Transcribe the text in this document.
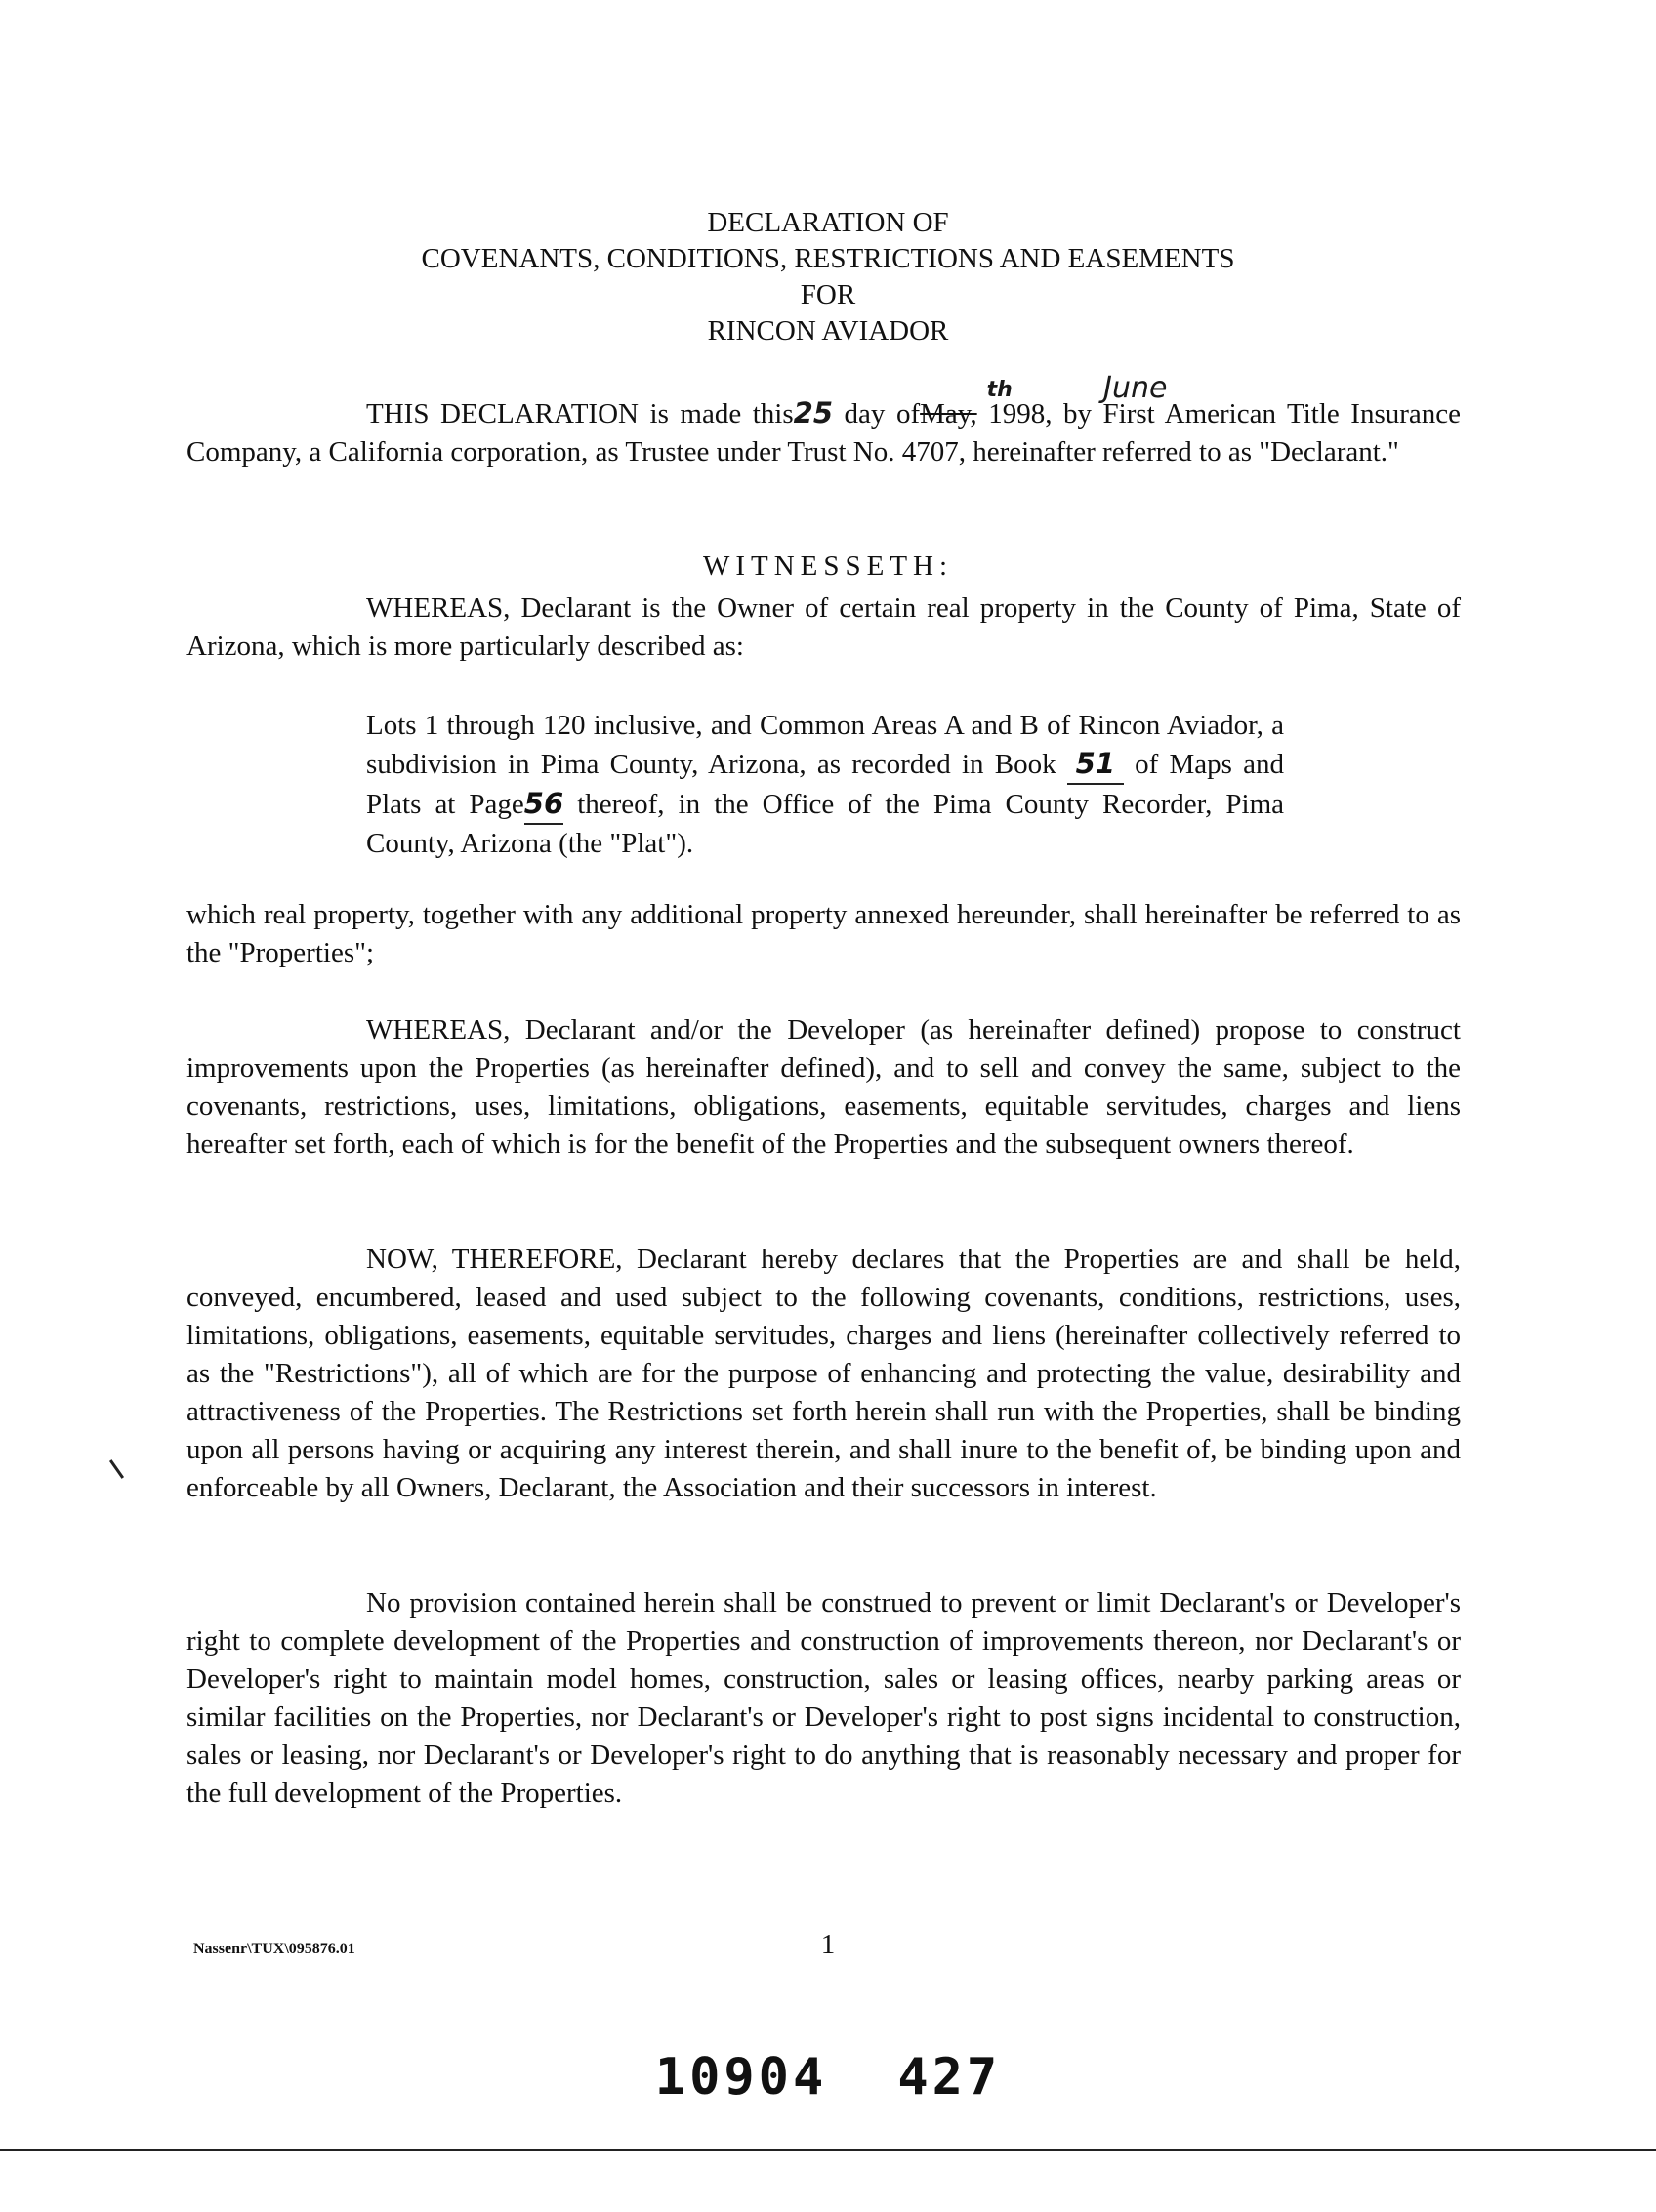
DECLARATION OF
COVENANTS, CONDITIONS, RESTRICTIONS AND EASEMENTS
FOR
RINCON AVIADOR
THIS DECLARATION is made this25
th
day ofMay,
June
1998, by First American Title Insurance Company, a California corporation, as Trustee under Trust No. 4707, hereinafter referred to as "Declarant."
WITNESSETH:
WHEREAS, Declarant is the Owner of certain real property in the County of Pima, State of Arizona, which is more particularly described as:
Lots 1 through 120 inclusive, and Common Areas A and B of Rincon Aviador, a subdivision in Pima County, Arizona, as recorded in Book 51 of Maps and Plats at Page56 thereof, in the Office of the Pima County Recorder, Pima County, Arizona (the "Plat").
which real property, together with any additional property annexed hereunder, shall hereinafter be referred to as the "Properties";
WHEREAS, Declarant and/or the Developer (as hereinafter defined) propose to construct improvements upon the Properties (as hereinafter defined), and to sell and convey the same, subject to the covenants, restrictions, uses, limitations, obligations, easements, equitable servitudes, charges and liens hereafter set forth, each of which is for the benefit of the Properties and the subsequent owners thereof.
NOW, THEREFORE, Declarant hereby declares that the Properties are and shall be held, conveyed, encumbered, leased and used subject to the following covenants, conditions, restrictions, uses, limitations, obligations, easements, equitable servitudes, charges and liens (hereinafter collectively referred to as the "Restrictions"), all of which are for the purpose of enhancing and protecting the value, desirability and attractiveness of the Properties. The Restrictions set forth herein shall run with the Properties, shall be binding upon all persons having or acquiring any interest therein, and shall inure to the benefit of, be binding upon and enforceable by all Owners, Declarant, the Association and their successors in interest.
No provision contained herein shall be construed to prevent or limit Declarant's or Developer's right to complete development of the Properties and construction of improvements thereon, nor Declarant's or Developer's right to maintain model homes, construction, sales or leasing offices, nearby parking areas or similar facilities on the Properties, nor Declarant's or Developer's right to post signs incidental to construction, sales or leasing, nor Declarant's or Developer's right to do anything that is reasonably necessary and proper for the full development of the Properties.
Nassenr\TUX\095876.01	1
10904 427
